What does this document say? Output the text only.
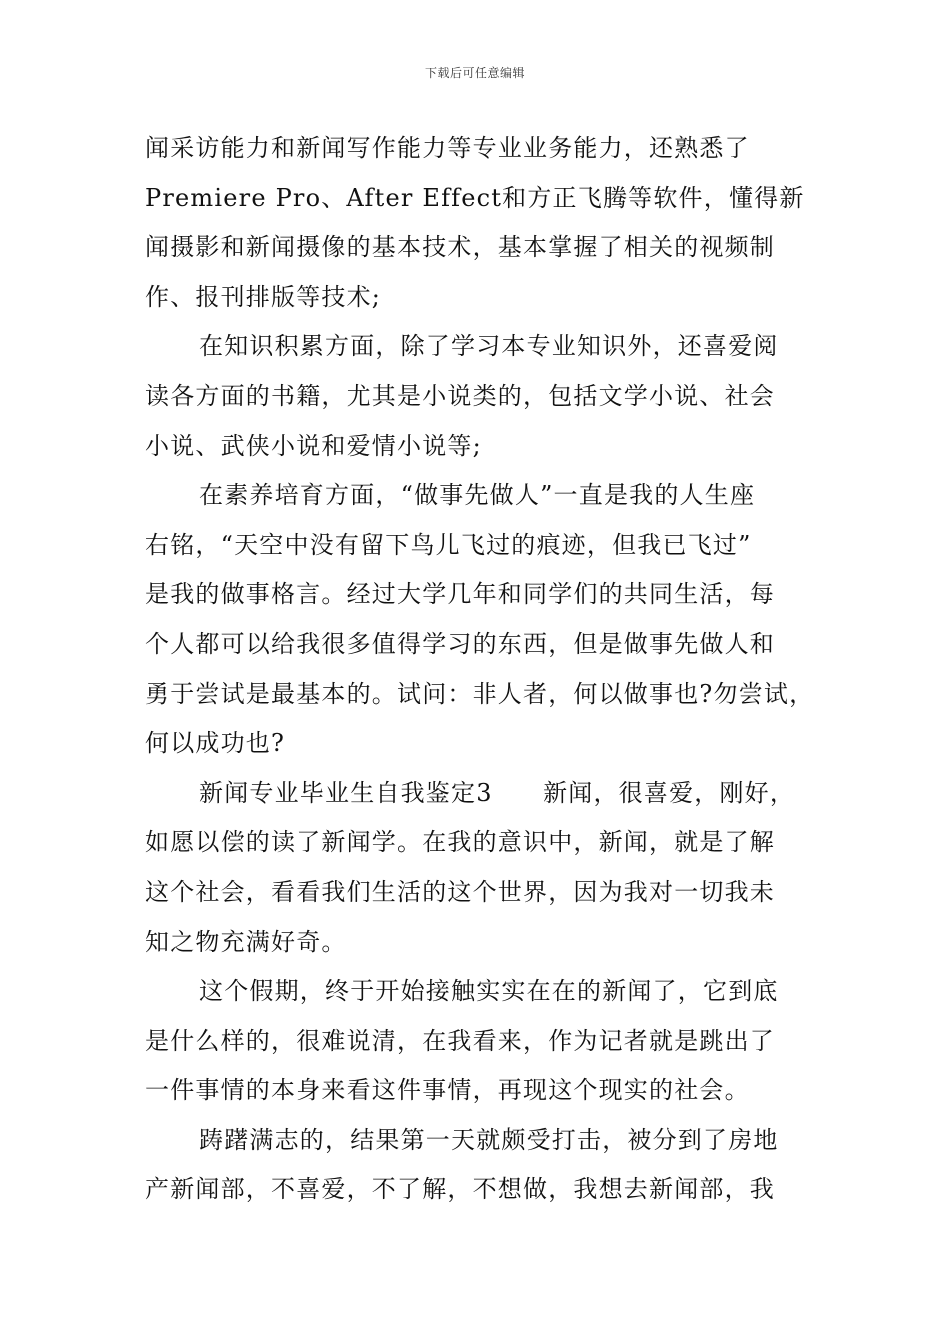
下载后可任意编辑
闻采访能力和新闻写作能力等专业业务能力，还熟悉了
Premiere Pro、After Effect和方正飞腾等软件，懂得新
闻摄影和新闻摄像的基本技术，基本掌握了相关的视频制
作、报刊排版等技术;
在知识积累方面，除了学习本专业知识外，还喜爱阅
读各方面的书籍，尤其是小说类的，包括文学小说、社会
小说、武侠小说和爱情小说等;
在素养培育方面，“做事先做人”一直是我的人生座
右铭，“天空中没有留下鸟儿飞过的痕迹，但我已飞过”
是我的做事格言。经过大学几年和同学们的共同生活，每
个人都可以给我很多值得学习的东西，但是做事先做人和
勇于尝试是最基本的。试问：非人者，何以做事也?勿尝试，
何以成功也?
新闻专业毕业生自我鉴定3　　新闻，很喜爱，刚好，
如愿以偿的读了新闻学。在我的意识中，新闻，就是了解
这个社会，看看我们生活的这个世界，因为我对一切我未
知之物充满好奇。
这个假期，终于开始接触实实在在的新闻了，它到底
是什么样的，很难说清，在我看来，作为记者就是跳出了
一件事情的本身来看这件事情，再现这个现实的社会。
踌躇满志的，结果第一天就颇受打击，被分到了房地
产新闻部，不喜爱，不了解，不想做，我想去新闻部，我
